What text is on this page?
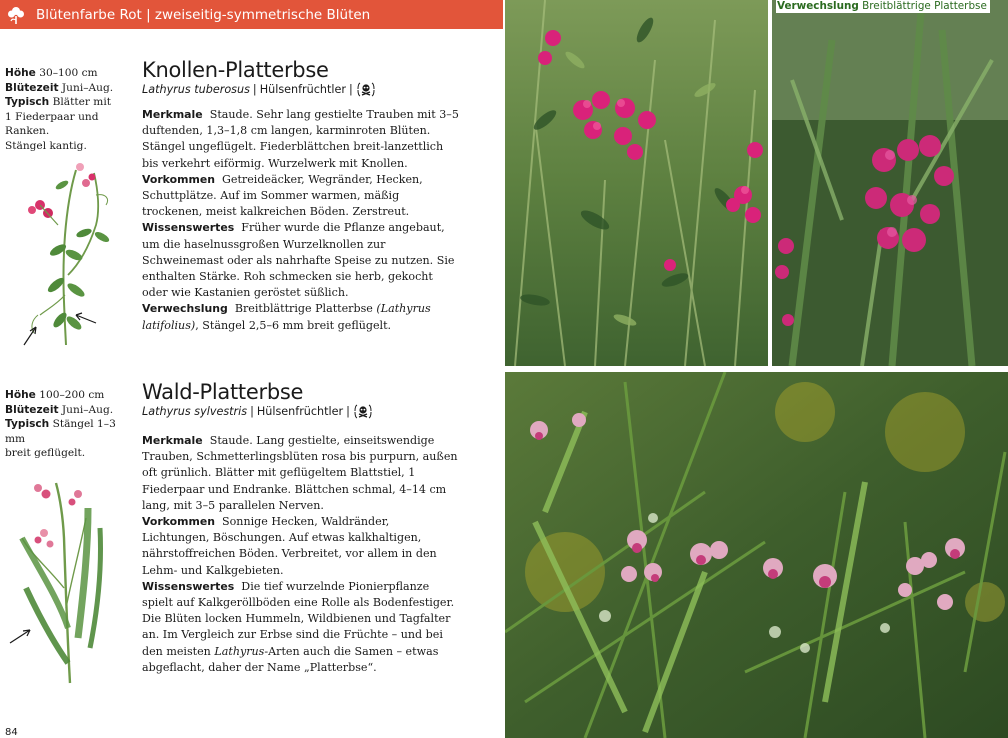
Blütenfarbe Rot | zweiseitig-symmetrische Blüten
Höhe 30–100 cm
Blütezeit Juni–Aug.
Typisch Blätter mit
1 Fiederpaar und Ranken.
Stängel kantig.
Knollen-Platterbse
Lathyrus tuberosus | Hülsenfrüchtler |
Merkmale Staude. Sehr lang gestielte Trauben mit 3–5 duftenden, 1,3–1,8 cm langen, karminroten Blüten. Stängel ungeflügelt. Fiederblättchen breit-lanzettlich bis verkehrt eiförmig. Wurzelwerk mit Knollen.
Vorkommen Getreideäcker, Wegränder, Hecken, Schuttplätze. Auf im Sommer warmen, mäßig trockenen, meist kalkreichen Böden. Zerstreut.
Wissenswertes Früher wurde die Pflanze angebaut, um die haselnussgroßen Wurzelknollen zur Schweinemast oder als nahrhafte Speise zu nutzen. Sie enthalten Stärke. Roh schmecken sie herb, gekocht oder wie Kastanien geröstet süßlich.
Verwechslung Breitblättrige Platterbse (Lathyrus latifolius), Stängel 2,5–6 mm breit geflügelt.
Höhe 100–200 cm
Blütezeit Juni–Aug.
Typisch Stängel 1–3 mm
breit geflügelt.
Wald-Platterbse
Lathyrus sylvestris | Hülsenfrüchtler |
Merkmale Staude. Lang gestielte, einseitswendige Trauben, Schmetterlingsblüten rosa bis purpurn, außen oft grünlich. Blätter mit geflügeltem Blattstiel, 1 Fiederpaar und Endranke. Blättchen schmal, 4–14 cm lang, mit 3–5 parallelen Nerven.
Vorkommen Sonnige Hecken, Waldränder, Lichtungen, Böschungen. Auf etwas kalkhaltigen, nährstoffreichen Böden. Verbreitet, vor allem in den Lehm- und Kalkgebieten.
Wissenswertes Die tief wurzelnde Pionierpflanze spielt auf Kalkgeröllböden eine Rolle als Bodenfestiger. Die Blüten locken Hummeln, Wildbienen und Tagfalter an. Im Vergleich zur Erbse sind die Früchte – und bei den meisten Lathyrus-Arten auch die Samen – etwas abgeflacht, daher der Name „Platterbse“.
84
Verwechslung Breitblättrige Platterbse
